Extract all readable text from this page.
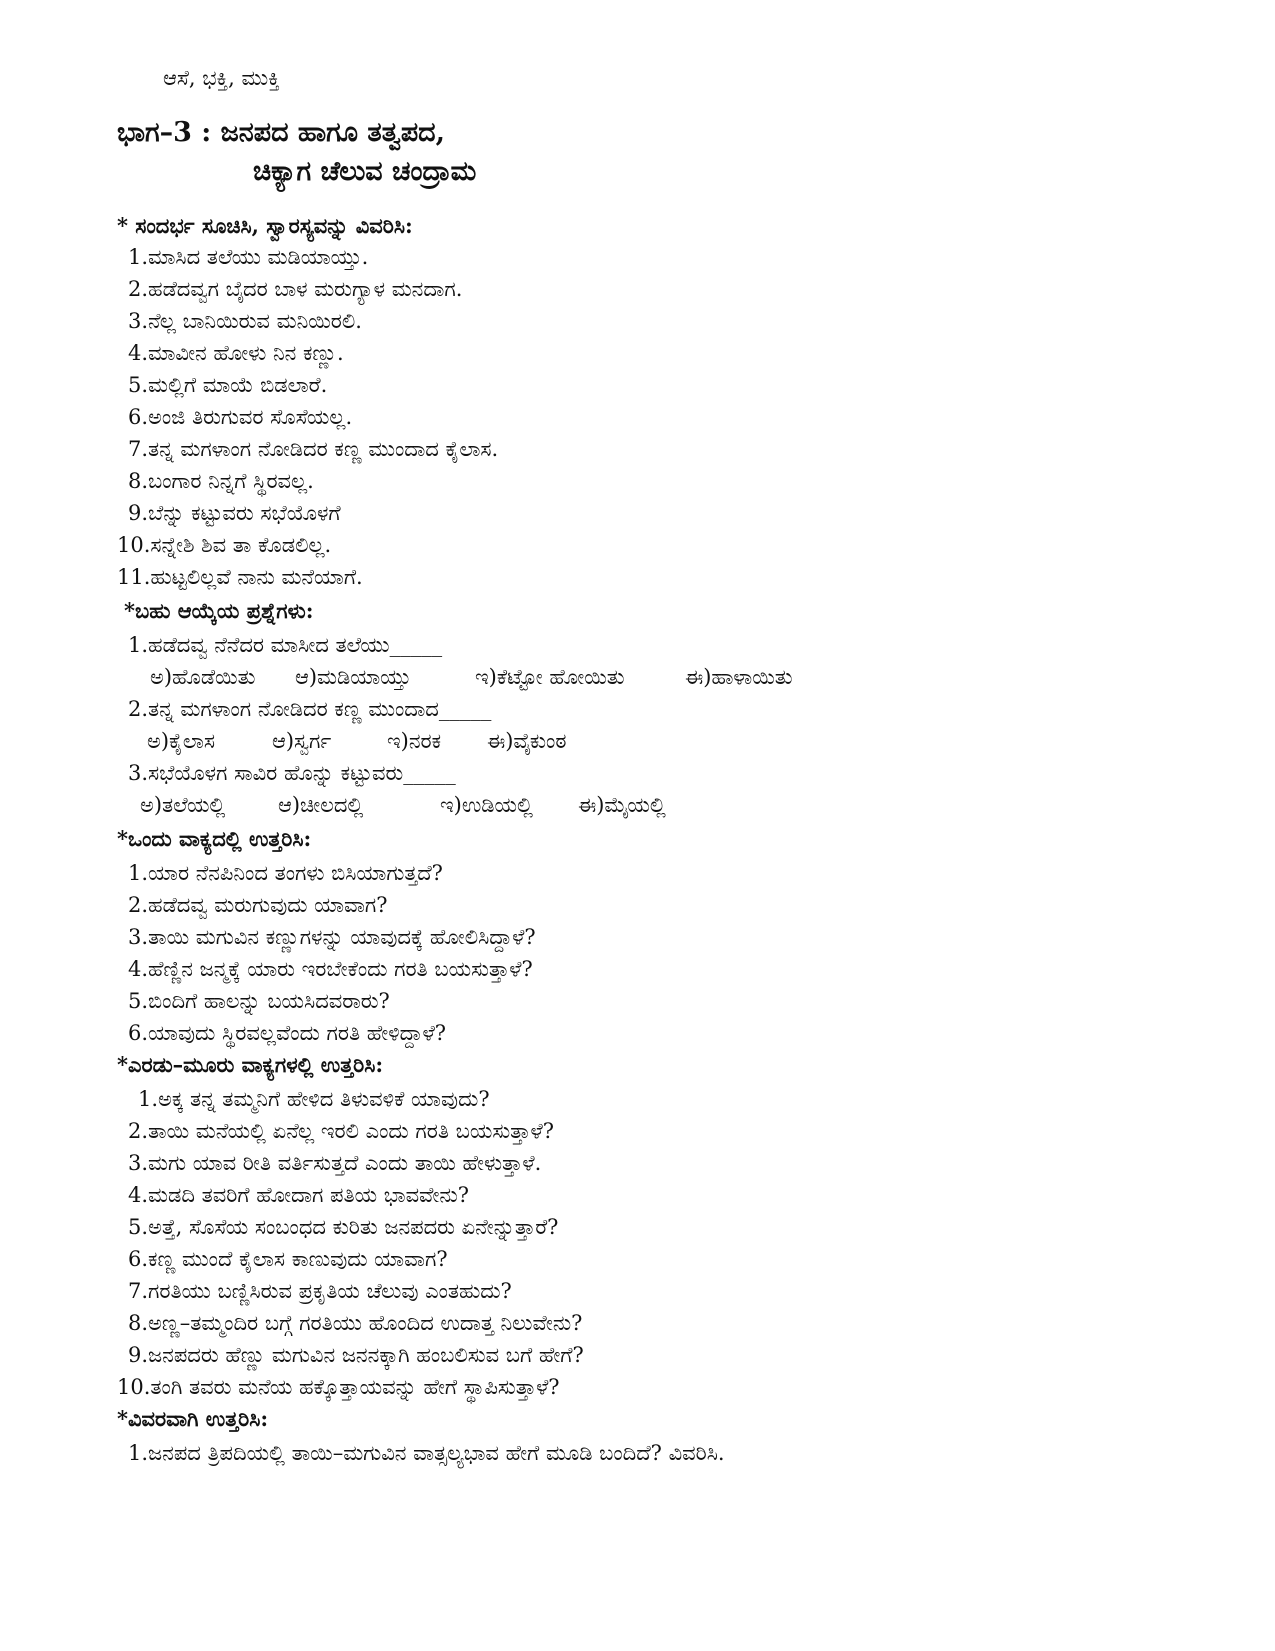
ಆಸೆ, ಭಕ್ತಿ, ಮುಕ್ತಿ
ಭಾಗ–3 : ಜನಪದ ಹಾಗೂ ತತ್ವಪದ,
ಚಿಕ್ಯಾಗ ಚೆಲುವ ಚಂದ್ರಾಮ
* ಸಂದರ್ಭ ಸೂಚಿಸಿ, ಸ್ವಾರಸ್ಯವನ್ನು ವಿವರಿಸಿ:
1.ಮಾಸಿದ ತಲೆಯು ಮಡಿಯಾಯ್ತು.
2.ಹಡೆದವ್ವಗ ಬೈದರ ಬಾಳ ಮರುಗ್ಯಾಳ ಮನದಾಗ.
3.ನೆಲ್ಲ ಬಾನಿಯಿರುವ ಮನಿಯಿರಲಿ.
4.ಮಾವೀನ ಹೋಳು ನಿನ ಕಣ್ಣು.
5.ಮಲ್ಲಿಗೆ ಮಾಯೆ ಬಿಡಲಾರೆ.
6.ಅಂಜಿ ತಿರುಗುವರ ಸೊಸೆಯಲ್ಲ.
7.ತನ್ನ ಮಗಳಾಂಗ ನೋಡಿದರ ಕಣ್ಣ ಮುಂದಾದ ಕೈಲಾಸ.
8.ಬಂಗಾರ ನಿನ್ನಗೆ ಸ್ಥಿರವಲ್ಲ.
9.ಬೆನ್ನು ಕಟ್ಟುವರು ಸಭೆಯೊಳಗೆ
10.ಸನ್ನೇಶಿ ಶಿವ ತಾ ಕೊಡಲಿಲ್ಲ.
11.ಹುಟ್ಟಲಿಲ್ಲವೆ ನಾನು ಮನೆಯಾಗೆ.
*ಬಹು ಆಯ್ಕೆಯ ಪ್ರಶ್ನೆಗಳು:
1.ಹಡೆದವ್ವ ನೆನೆದರ ಮಾಸೀದ ತಲೆಯು_____
ಅ)ಹೊಡೆಯಿತು ಆ)ಮಡಿಯಾಯ್ತು	ಇ)ಕೆಟ್ಟೋ ಹೋಯಿತು	ಈ)ಹಾಳಾಯಿತು
2.ತನ್ನ ಮಗಳಾಂಗ ನೋಡಿದರ ಕಣ್ಣ ಮುಂದಾದ_____
ಅ)ಕೈಲಾಸ	ಆ)ಸ್ವರ್ಗ	ಇ)ನರಕ ಈ)ವೈಕುಂಠ
3.ಸಭೆಯೊಳಗ ಸಾವಿರ ಹೊನ್ನು ಕಟ್ಟುವರು_____
ಅ)ತಲೆಯಲ್ಲಿ	ಆ)ಚೀಲದಲ್ಲಿ	ಇ)ಉಡಿಯಲ್ಲಿ ಈ)ಮೈಯಲ್ಲಿ
*ಒಂದು ವಾಕ್ಯದಲ್ಲಿ ಉತ್ತರಿಸಿ:
1.ಯಾರ ನೆನಪಿನಿಂದ ತಂಗಳು ಬಿಸಿಯಾಗುತ್ತದೆ?
2.ಹಡೆದವ್ವ ಮರುಗುವುದು ಯಾವಾಗ?
3.ತಾಯಿ ಮಗುವಿನ ಕಣ್ಣುಗಳನ್ನು ಯಾವುದಕ್ಕೆ ಹೋಲಿಸಿದ್ದಾಳೆ?
4.ಹೆಣ್ಣಿನ ಜನ್ಮಕ್ಕೆ ಯಾರು ಇರಬೇಕೆಂದು ಗರತಿ ಬಯಸುತ್ತಾಳೆ?
5.ಬಿಂದಿಗೆ ಹಾಲನ್ನು ಬಯಸಿದವರಾರು?
6.ಯಾವುದು ಸ್ಥಿರವಲ್ಲವೆಂದು ಗರತಿ ಹೇಳಿದ್ದಾಳೆ?
*ಎರಡು–ಮೂರು ವಾಕ್ಯಗಳಲ್ಲಿ ಉತ್ತರಿಸಿ:
1.ಅಕ್ಕ ತನ್ನ ತಮ್ಮನಿಗೆ ಹೇಳಿದ ತಿಳುವಳಿಕೆ ಯಾವುದು?
2.ತಾಯಿ ಮನೆಯಲ್ಲಿ ಏನೆಲ್ಲ ಇರಲಿ ಎಂದು ಗರತಿ ಬಯಸುತ್ತಾಳೆ?
3.ಮಗು ಯಾವ ರೀತಿ ವರ್ತಿಸುತ್ತದೆ ಎಂದು ತಾಯಿ ಹೇಳುತ್ತಾಳೆ.
4.ಮಡದಿ ತವರಿಗೆ ಹೋದಾಗ ಪತಿಯ ಭಾವವೇನು?
5.ಅತ್ತೆ, ಸೊಸೆಯ ಸಂಬಂಧದ ಕುರಿತು ಜನಪದರು ಏನೇನ್ನುತ್ತಾರೆ?
6.ಕಣ್ಣ ಮುಂದೆ ಕೈಲಾಸ ಕಾಣುವುದು ಯಾವಾಗ?
7.ಗರತಿಯು ಬಣ್ಣಿಸಿರುವ ಪ್ರಕೃತಿಯ ಚೆಲುವು ಎಂತಹುದು?
8.ಅಣ್ಣ–ತಮ್ಮಂದಿರ ಬಗ್ಗೆ ಗರತಿಯು ಹೊಂದಿದ ಉದಾತ್ತ ನಿಲುವೇನು?
9.ಜನಪದರು ಹೆಣ್ಣು ಮಗುವಿನ ಜನನಕ್ಕಾಗಿ ಹಂಬಲಿಸುವ ಬಗೆ ಹೇಗೆ?
10.ತಂಗಿ ತವರು ಮನೆಯ ಹಕ್ಕೊತ್ತಾಯವನ್ನು ಹೇಗೆ ಸ್ಥಾಪಿಸುತ್ತಾಳೆ?
*ವಿವರವಾಗಿ ಉತ್ತರಿಸಿ:
1.ಜನಪದ ತ್ರಿಪದಿಯಲ್ಲಿ ತಾಯಿ–ಮಗುವಿನ ವಾತ್ಸಲ್ಯಭಾವ ಹೇಗೆ ಮೂಡಿ ಬಂದಿದೆ? ವಿವರಿಸಿ.
